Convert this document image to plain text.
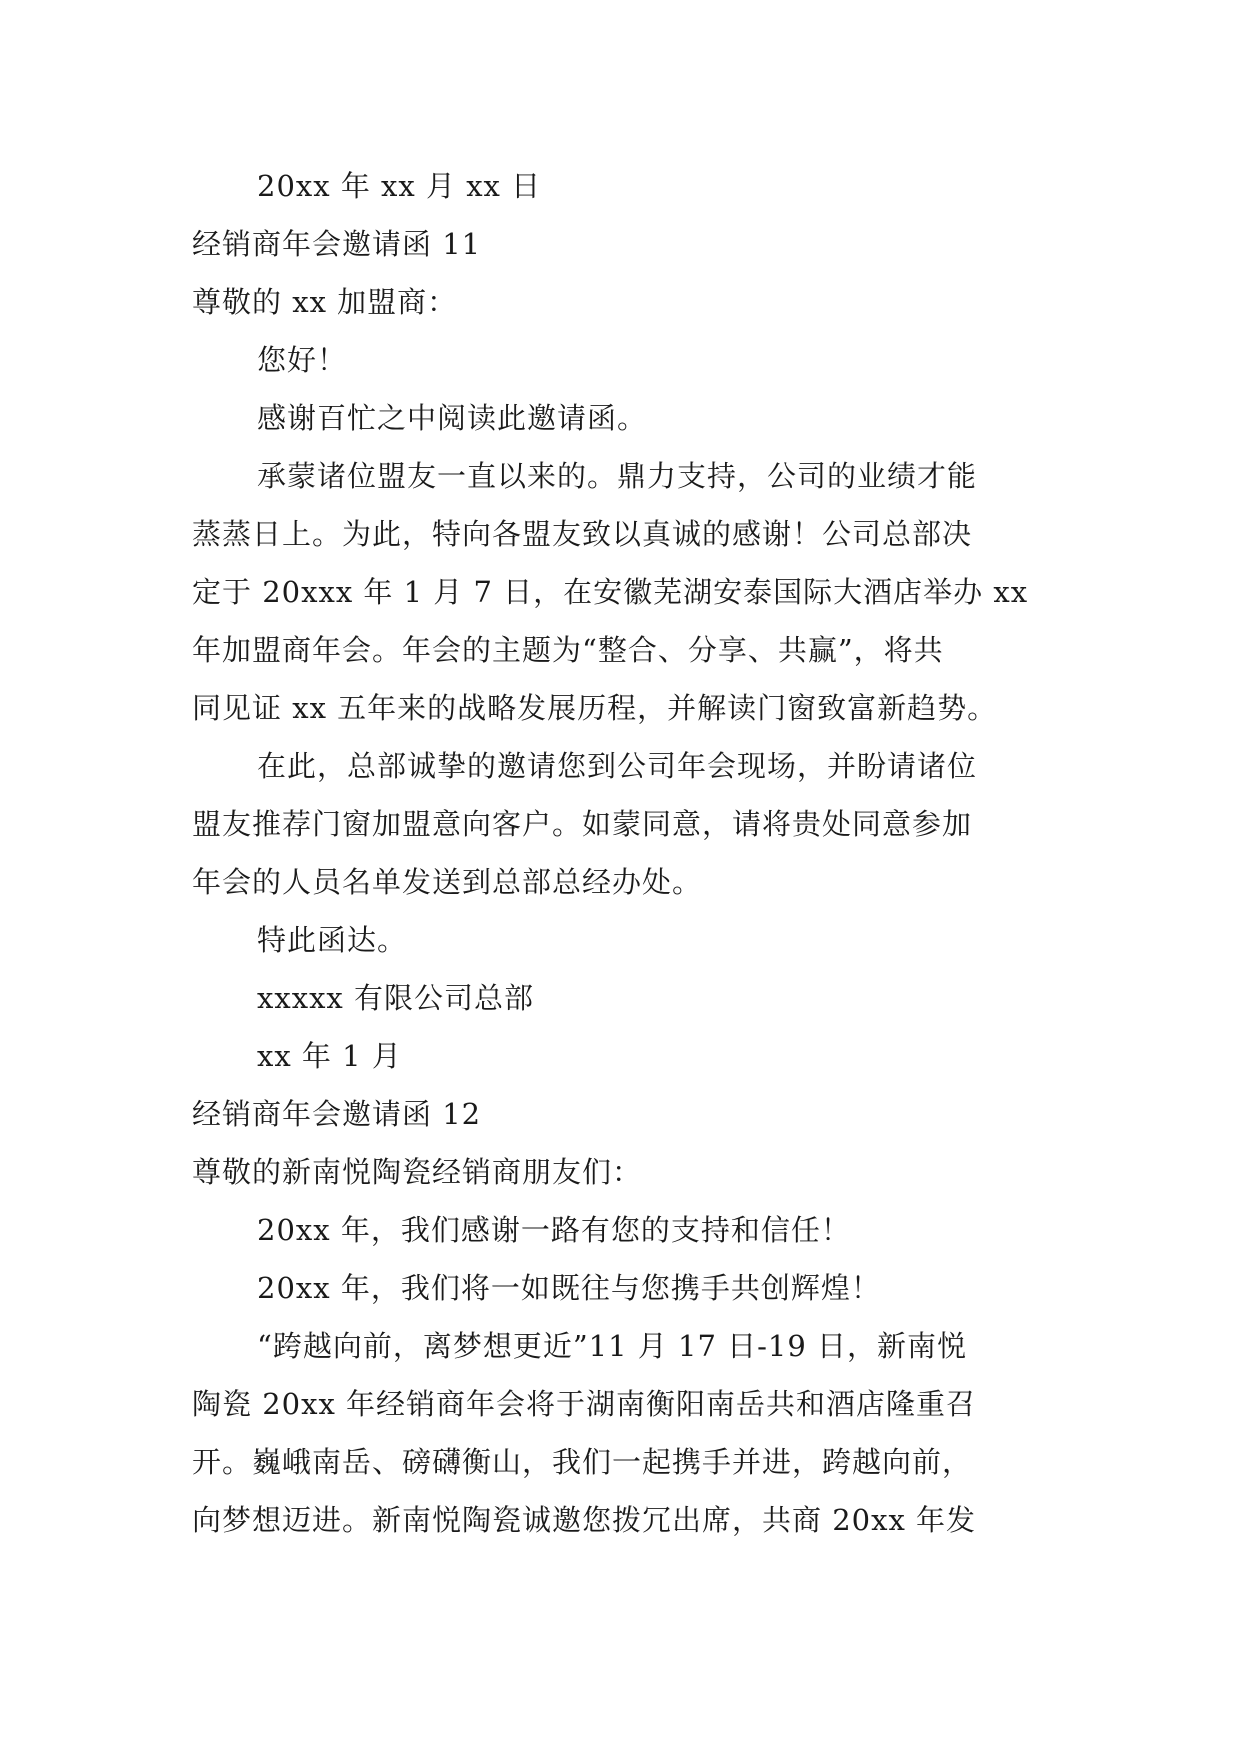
20xx 年 xx 月 xx 日
经销商年会邀请函 11
尊敬的 xx 加盟商：
您好！
感谢百忙之中阅读此邀请函。
承蒙诸位盟友一直以来的。鼎力支持，公司的业绩才能
蒸蒸日上。为此，特向各盟友致以真诚的感谢！公司总部决
定于 20xxx 年 1 月 7 日，在安徽芜湖安泰国际大酒店举办 xx
年加盟商年会。年会的主题为“整合、分享、共赢”，将共
同见证 xx 五年来的战略发展历程，并解读门窗致富新趋势。
在此，总部诚挚的邀请您到公司年会现场，并盼请诸位
盟友推荐门窗加盟意向客户。如蒙同意，请将贵处同意参加
年会的人员名单发送到总部总经办处。
特此函达。
xxxxx 有限公司总部
xx 年 1 月
经销商年会邀请函 12
尊敬的新南悦陶瓷经销商朋友们：
20xx 年，我们感谢一路有您的支持和信任！
20xx 年，我们将一如既往与您携手共创辉煌！
“跨越向前，离梦想更近”11 月 17 日-19 日，新南悦
陶瓷 20xx 年经销商年会将于湖南衡阳南岳共和酒店隆重召
开。巍峨南岳、磅礴衡山，我们一起携手并进，跨越向前，
向梦想迈进。新南悦陶瓷诚邀您拨冗出席，共商 20xx 年发
